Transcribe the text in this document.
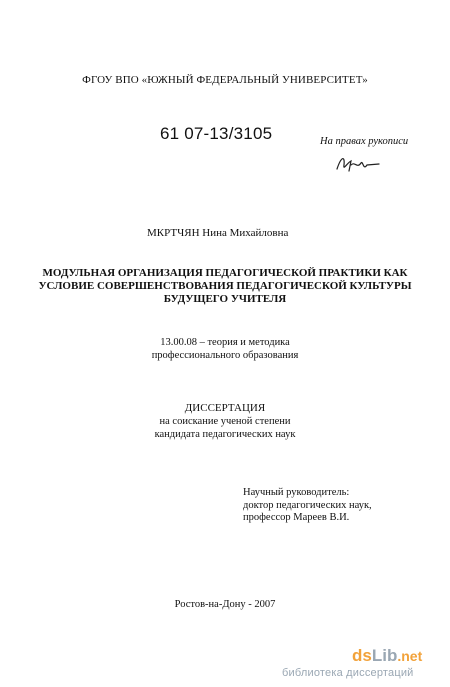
ФГОУ ВПО «ЮЖНЫЙ ФЕДЕРАЛЬНЫЙ УНИВЕРСИТЕТ»
61 07-13/3105	На правах рукописи
МКРТЧЯН Нина Михайловна
МОДУЛЬНАЯ ОРГАНИЗАЦИЯ ПЕДАГОГИЧЕСКОЙ ПРАКТИКИ КАК
УСЛОВИЕ СОВЕРШЕНСТВОВАНИЯ ПЕДАГОГИЧЕСКОЙ КУЛЬТУРЫ
БУДУЩЕГО УЧИТЕЛЯ
13.00.08 – теория и методика
профессионального образования
ДИССЕРТАЦИЯ
на соискание ученой степени
кандидата педагогических наук
Научный руководитель:
доктор педагогических наук,
профессор Мареев В.И.
Ростов-на-Дону - 2007
dsLib.net
библиотека диссертаций
